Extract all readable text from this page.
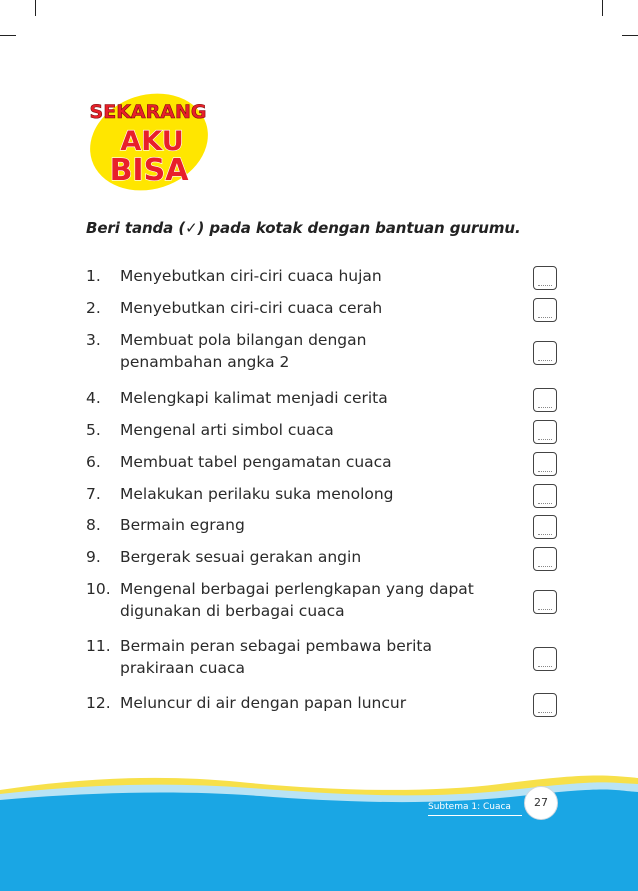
SEKARANG
AKU
BISA
Beri tanda (✓) pada kotak dengan bantuan gurumu.
1.	Menyebutkan ciri-ciri cuaca hujan
2.	Menyebutkan ciri-ciri cuaca cerah
3.	Membuat pola bilangan dengan
penambahan angka 2
4.	Melengkapi kalimat menjadi cerita
5.	Mengenal arti simbol cuaca
6.	Membuat tabel pengamatan cuaca
7.	Melakukan perilaku suka menolong
8.	Bermain egrang
9.	Bergerak sesuai gerakan angin
10. Mengenal berbagai perlengkapan yang dapat
digunakan di berbagai cuaca
11. Bermain peran sebagai pembawa berita
prakiraan cuaca
12. Meluncur di air dengan papan luncur
Subtema 1: Cuaca	27
